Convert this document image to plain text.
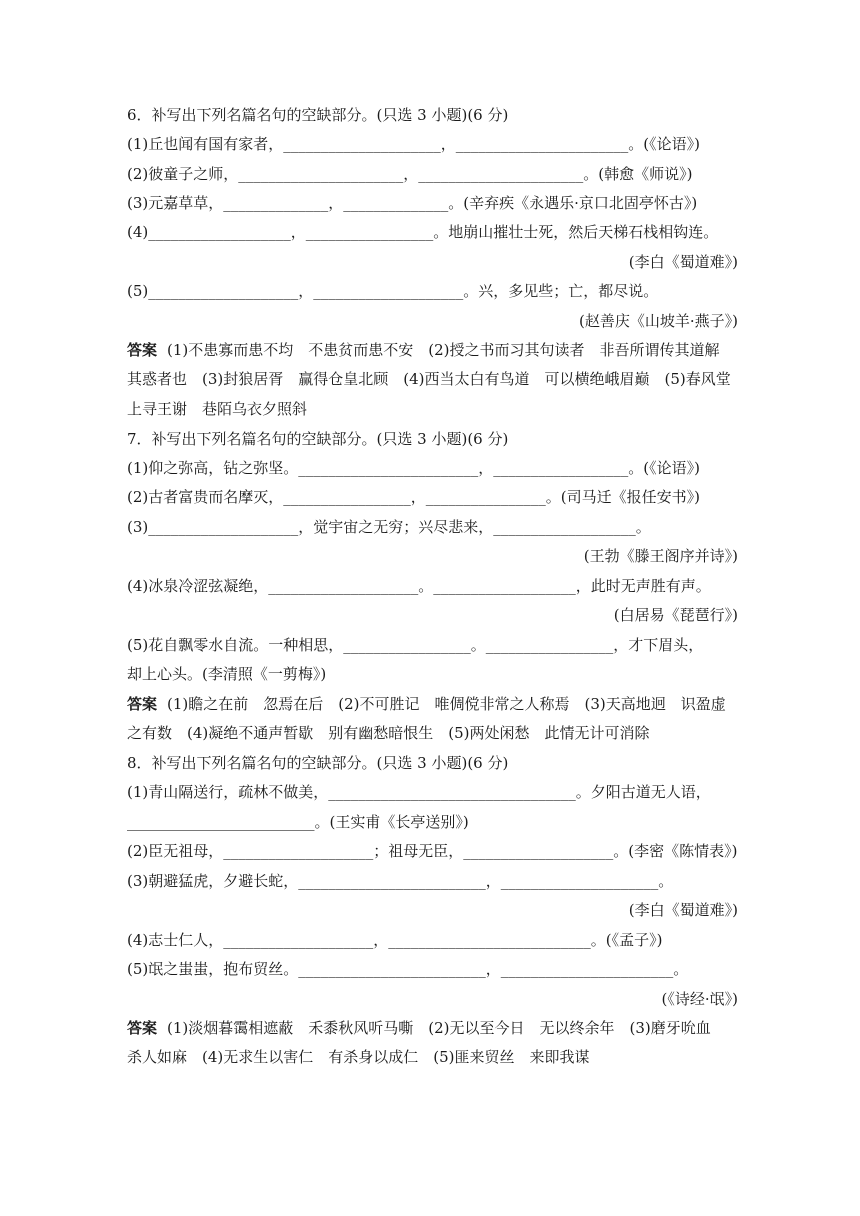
6．补写出下列名篇名句的空缺部分。(只选 3 小题)(6 分)
(1)丘也闻有国有家者，_____________________，_______________________。(《论语》)
(2)彼童子之师，______________________，______________________。(韩愈《师说》)
(3)元嘉草草，______________，______________。(辛弃疾《永遇乐·京口北固亭怀古》)
(4)___________________，_________________。地崩山摧壮士死，然后天梯石栈相钩连。
(李白《蜀道难》)
(5)____________________，____________________。兴，多见些；亡，都尽说。
(赵善庆《山坡羊·燕子》)
答案 (1)不患寡而患不均　不患贫而患不安　(2)授之书而习其句读者　非吾所谓传其道解
其惑者也　(3)封狼居胥　赢得仓皇北顾　(4)西当太白有鸟道　可以横绝峨眉巅　(5)春风堂
上寻王谢　巷陌乌衣夕照斜
7．补写出下列名篇名句的空缺部分。(只选 3 小题)(6 分)
(1)仰之弥高，钻之弥坚。________________________，__________________。(《论语》)
(2)古者富贵而名摩灭，_________________，________________。(司马迁《报任安书》)
(3)____________________，觉宇宙之无穷；兴尽悲来，___________________。
(王勃《滕王阁序并诗》)
(4)冰泉冷涩弦凝绝，____________________。___________________，此时无声胜有声。
(白居易《琵琶行》)
(5)花自飘零水自流。一种相思，_________________。_________________，才下眉头，
却上心头。(李清照《一剪梅》)
答案 (1)瞻之在前　忽焉在后　(2)不可胜记　唯倜傥非常之人称焉　(3)天高地迥　识盈虚
之有数　(4)凝绝不通声暂歇　别有幽愁暗恨生　(5)两处闲愁　此情无计可消除
8．补写出下列名篇名句的空缺部分。(只选 3 小题)(6 分)
(1)青山隔送行，疏林不做美，_________________________________。夕阳古道无人语，
_________________________。(王实甫《长亭送别》)
(2)臣无祖母，____________________；祖母无臣，____________________。(李密《陈情表》)
(3)朝避猛虎，夕避长蛇，_________________________，_____________________。
(李白《蜀道难》)
(4)志士仁人，____________________，___________________________。(《孟子》)
(5)氓之蚩蚩，抱布贸丝。_________________________，_______________________。
(《诗经·氓》)
答案 (1)淡烟暮霭相遮蔽　禾黍秋风听马嘶　(2)无以至今日　无以终余年　(3)磨牙吮血
杀人如麻　(4)无求生以害仁　有杀身以成仁　(5)匪来贸丝　来即我谋
